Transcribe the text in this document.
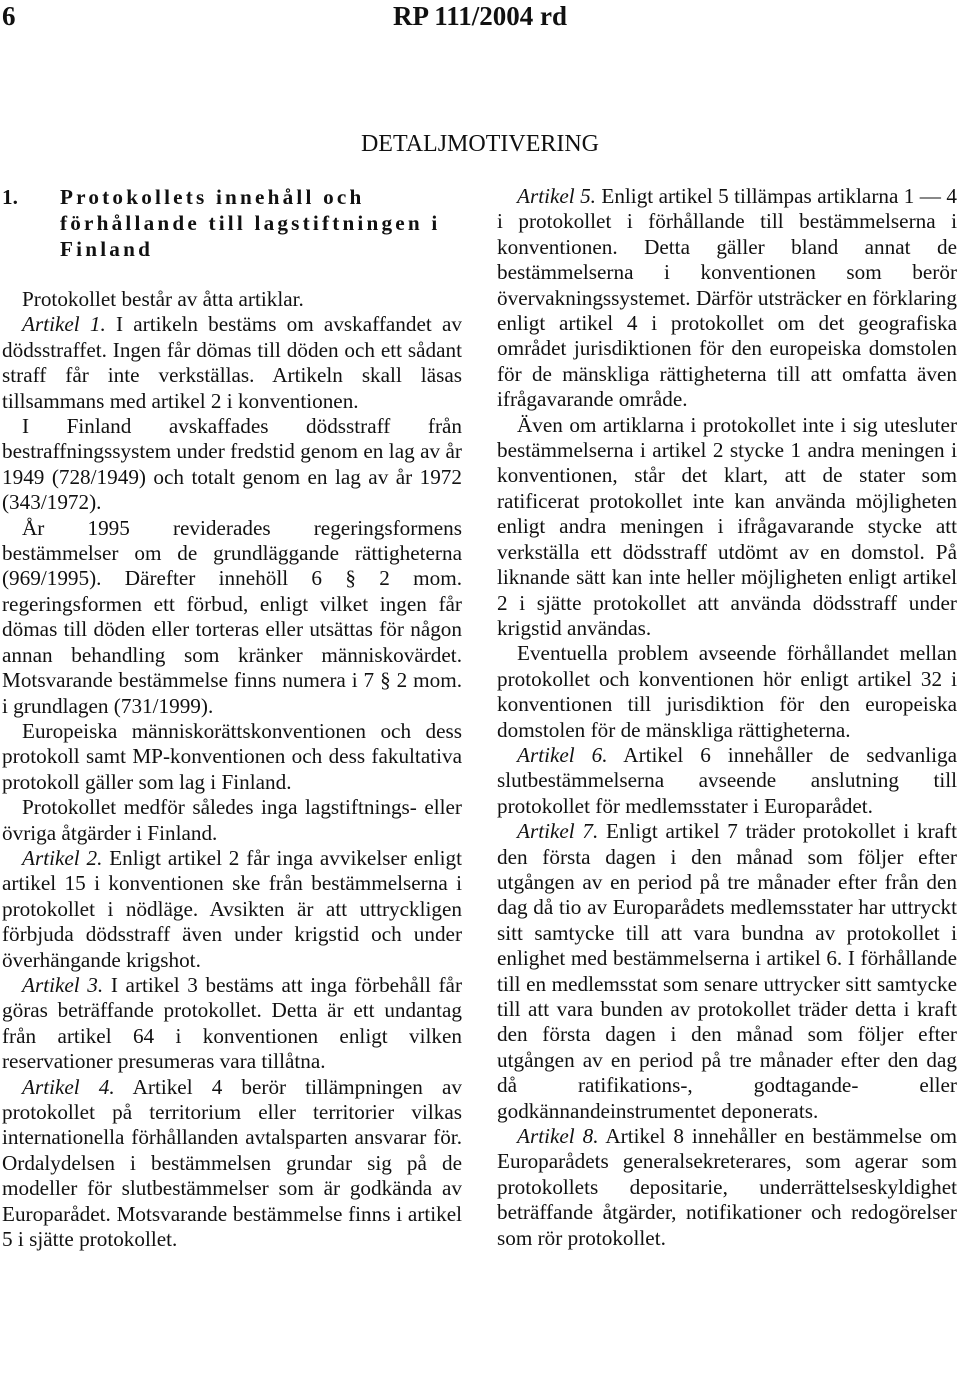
6	RP 111/2004 rd
DETALJMOTIVERING
1.	Protokollets innehåll och förhållande till lagstiftningen i Finland

Protokollet består av åtta artiklar.

Artikel 1. I artikeln bestäms om avskaffandet av dödsstraffet. Ingen får dömas till döden och ett sådant straff får inte verkställas. Artikeln skall läsas tillsammans med artikel 2 i konventionen.

I Finland avskaffades dödsstraff från bestraffningssystem under fredstid genom en lag av år 1949 (728/1949) och totalt genom en lag av år 1972 (343/1972).

År 1995 reviderades regeringsformens bestämmelser om de grundläggande rättigheterna (969/1995). Därefter innehöll 6 § 2 mom. regeringsformen ett förbud, enligt vilket ingen får dömas till döden eller torteras eller utsättas för någon annan behandling som kränker människovärdet. Motsvarande bestämmelse finns numera i 7 § 2 mom. i grundlagen (731/1999).

Europeiska människorättskonventionen och dess protokoll samt MP-konventionen och dess fakultativa protokoll gäller som lag i Finland.

Protokollet medför således inga lagstiftnings- eller övriga åtgärder i Finland.

Artikel 2. Enligt artikel 2 får inga avvikelser enligt artikel 15 i konventionen ske från bestämmelserna i protokollet i nödläge. Avsikten är att uttryckligen förbjuda dödsstraff även under krigstid och under överhängande krigshot.

Artikel 3. I artikel 3 bestäms att inga förbehåll får göras beträffande protokollet. Detta är ett undantag från artikel 64 i konventionen enligt vilken reservationer presumeras vara tillåtna.

Artikel 4. Artikel 4 berör tillämpningen av protokollet på territorium eller territorier vilkas internationella förhållanden avtalsparten ansvarar för. Ordalydelsen i bestämmelsen grundar sig på de modeller för slutbestämmelser som är godkända av Europarådet. Motsvarande bestämmelse finns i artikel 5 i sjätte protokollet.

Artikel 5. Enligt artikel 5 tillämpas artiklarna 1 — 4 i protokollet i förhållande till bestämmelserna i konventionen. Detta gäller bland annat de bestämmelserna i konventionen som berör övervakningssystemet. Därför utsträcker en förklaring enligt artikel 4 i protokollet om det geografiska området jurisdiktionen för den europeiska domstolen för de mänskliga rättigheterna till att omfatta även ifrågavarande område.

Även om artiklarna i protokollet inte i sig utesluter bestämmelserna i artikel 2 stycke 1 andra meningen i konventionen, står det klart, att de stater som ratificerat protokollet inte kan använda möjligheten enligt andra meningen i ifrågavarande stycke att verkställa ett dödsstraff utdömt av en domstol. På liknande sätt kan inte heller möjligheten enligt artikel 2 i sjätte protokollet att använda dödsstraff under krigstid användas.

Eventuella problem avseende förhållandet mellan protokollet och konventionen hör enligt artikel 32 i konventionen till jurisdiktion för den europeiska domstolen för de mänskliga rättigheterna.

Artikel 6. Artikel 6 innehåller de sedvanliga slutbestämmelserna avseende anslutning till protokollet för medlemsstater i Europarådet.

Artikel 7. Enligt artikel 7 träder protokollet i kraft den första dagen i den månad som följer efter utgången av en period på tre månader efter från den dag då tio av Europarådets medlemsstater har uttryckt sitt samtycke till att vara bundna av protokollet i enlighet med bestämmelserna i artikel 6. I förhållande till en medlemsstat som senare uttrycker sitt samtycke till att vara bunden av protokollet träder detta i kraft den första dagen i den månad som följer efter utgången av en period på tre månader efter den dag då ratifikations-, godtagande- eller godkännandeinstrumentet deponerats.

Artikel 8. Artikel 8 innehåller en bestämmelse om Europarådets generalsekreterares, som agerar som protokollets depositarie, underrättelseskyldighet beträffande åtgärder, notifikationer och redogörelser som rör protokollet.
